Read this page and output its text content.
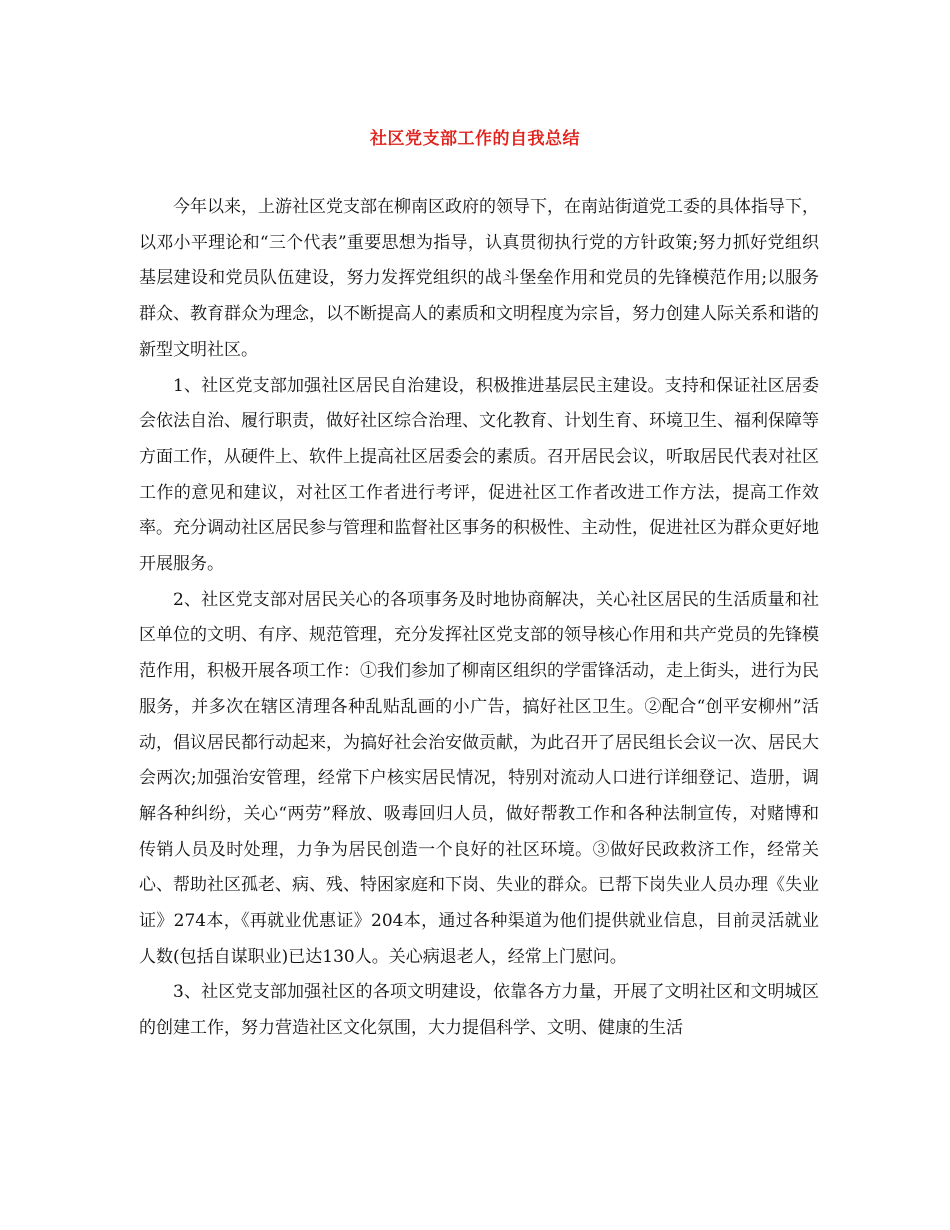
社区党支部工作的自我总结

今年以来，上游社区党支部在柳南区政府的领导下，在南站街道党工委的具体指导下，以邓小平理论和“三个代表”重要思想为指导，认真贯彻执行党的方针政策;努力抓好党组织基层建设和党员队伍建设，努力发挥党组织的战斗堡垒作用和党员的先锋模范作用;以服务群众、教育群众为理念，以不断提高人的素质和文明程度为宗旨，努力创建人际关系和谐的新型文明社区。

1、社区党支部加强社区居民自治建设，积极推进基层民主建设。支持和保证社区居委会依法自治、履行职责，做好社区综合治理、文化教育、计划生育、环境卫生、福利保障等方面工作，从硬件上、软件上提高社区居委会的素质。召开居民会议，听取居民代表对社区工作的意见和建议，对社区工作者进行考评，促进社区工作者改进工作方法，提高工作效率。充分调动社区居民参与管理和监督社区事务的积极性、主动性，促进社区为群众更好地开展服务。

2、社区党支部对居民关心的各项事务及时地协商解决，关心社区居民的生活质量和社区单位的文明、有序、规范管理，充分发挥社区党支部的领导核心作用和共产党员的先锋模范作用，积极开展各项工作：①我们参加了柳南区组织的学雷锋活动，走上街头，进行为民服务，并多次在辖区清理各种乱贴乱画的小广告，搞好社区卫生。②配合“创平安柳州”活动，倡议居民都行动起来，为搞好社会治安做贡献，为此召开了居民组长会议一次、居民大会两次;加强治安管理，经常下户核实居民情况，特别对流动人口进行详细登记、造册，调解各种纠纷，关心“两劳”释放、吸毒回归人员，做好帮教工作和各种法制宣传，对赌博和传销人员及时处理，力争为居民创造一个良好的社区环境。③做好民政救济工作，经常关心、帮助社区孤老、病、残、特困家庭和下岗、失业的群众。已帮下岗失业人员办理《失业证》274本，《再就业优惠证》204本，通过各种渠道为他们提供就业信息，目前灵活就业人数(包括自谋职业)已达130人。关心病退老人，经常上门慰问。

3、社区党支部加强社区的各项文明建设，依靠各方力量，开展了文明社区和文明城区的创建工作，努力营造社区文化氛围，大力提倡科学、文明、健康的生活
